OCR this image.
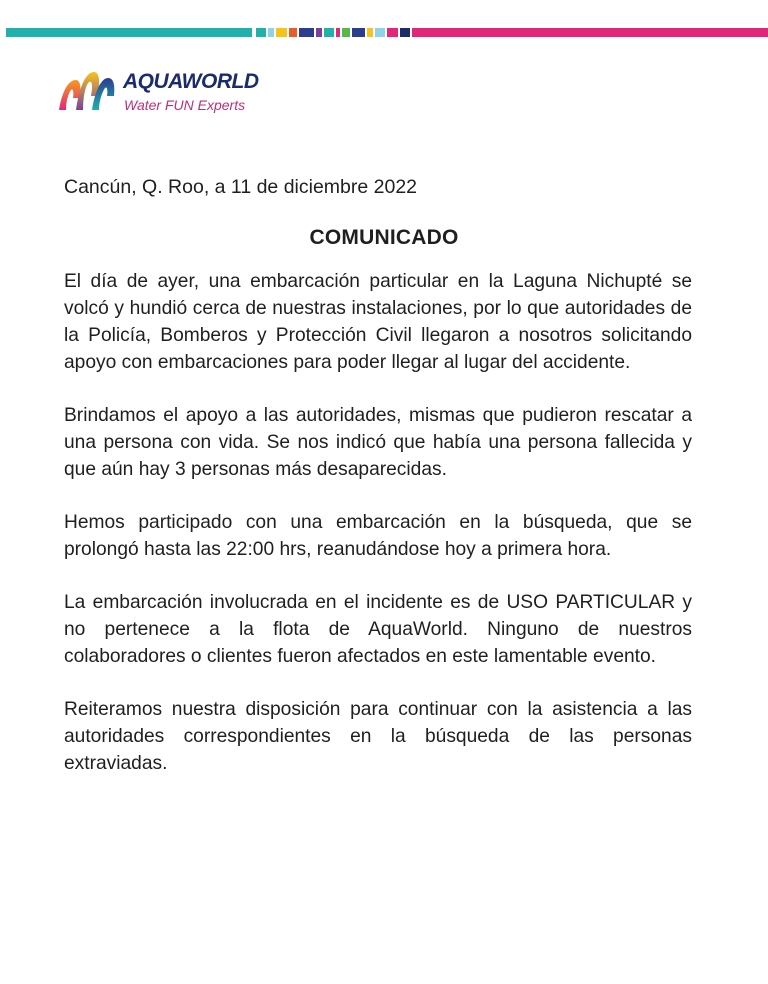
AQUAWORLD
Water FUN Experts
Cancún, Q. Roo, a 11 de diciembre 2022
COMUNICADO

El día de ayer, una embarcación particular en la Laguna Nichupté se volcó y hundió cerca de nuestras instalaciones, por lo que autoridades de la Policía, Bomberos y Protección Civil llegaron a nosotros solicitando apoyo con embarcaciones para poder llegar al lugar del accidente.

Brindamos el apoyo a las autoridades, mismas que pudieron rescatar a una persona con vida. Se nos indicó que había una persona fallecida y que aún hay 3 personas más desaparecidas.

Hemos participado con una embarcación en la búsqueda, que se prolongó hasta las 22:00 hrs, reanudándose hoy a primera hora.

La embarcación involucrada en el incidente es de USO PARTICULAR y no pertenece a la flota de AquaWorld. Ninguno de nuestros colaboradores o clientes fueron afectados en este lamentable evento.

Reiteramos nuestra disposición para continuar con la asistencia a las autoridades correspondientes en la búsqueda de las personas extraviadas.
